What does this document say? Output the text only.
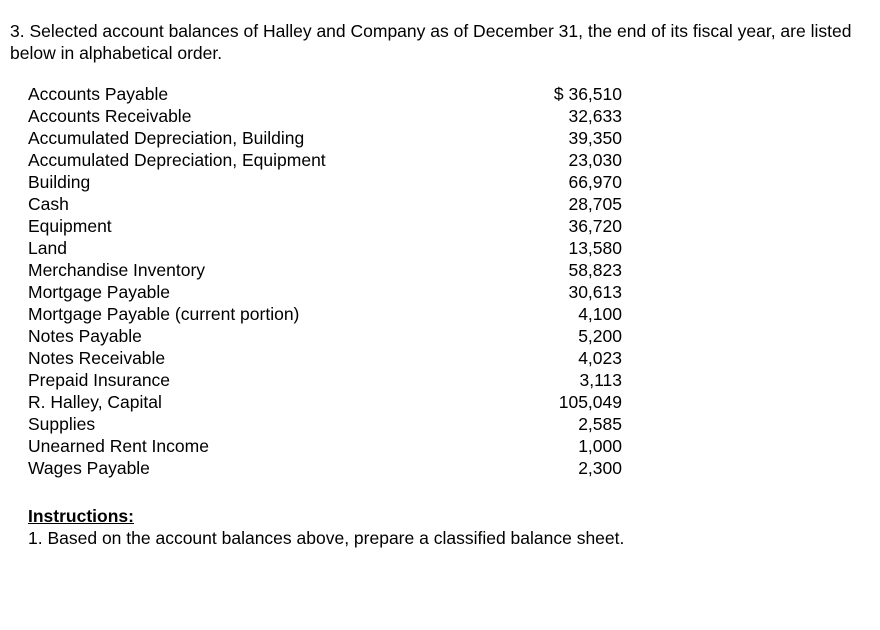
3. Selected account balances of Halley and Company as of December 31, the end of its fiscal year, are listed below in alphabetical order.
Accounts Payable	$ 36,510
Accounts Receivable	32,633
Accumulated Depreciation, Building	39,350
Accumulated Depreciation, Equipment	23,030
Building	66,970
Cash	28,705
Equipment	36,720
Land	13,580
Merchandise Inventory	58,823
Mortgage Payable	30,613
Mortgage Payable (current portion)	4,100
Notes Payable	5,200
Notes Receivable	4,023
Prepaid Insurance	3,113
R. Halley, Capital	105,049
Supplies	2,585
Unearned Rent Income	1,000
Wages Payable	2,300
Instructions:
1. Based on the account balances above, prepare a classified balance sheet.
